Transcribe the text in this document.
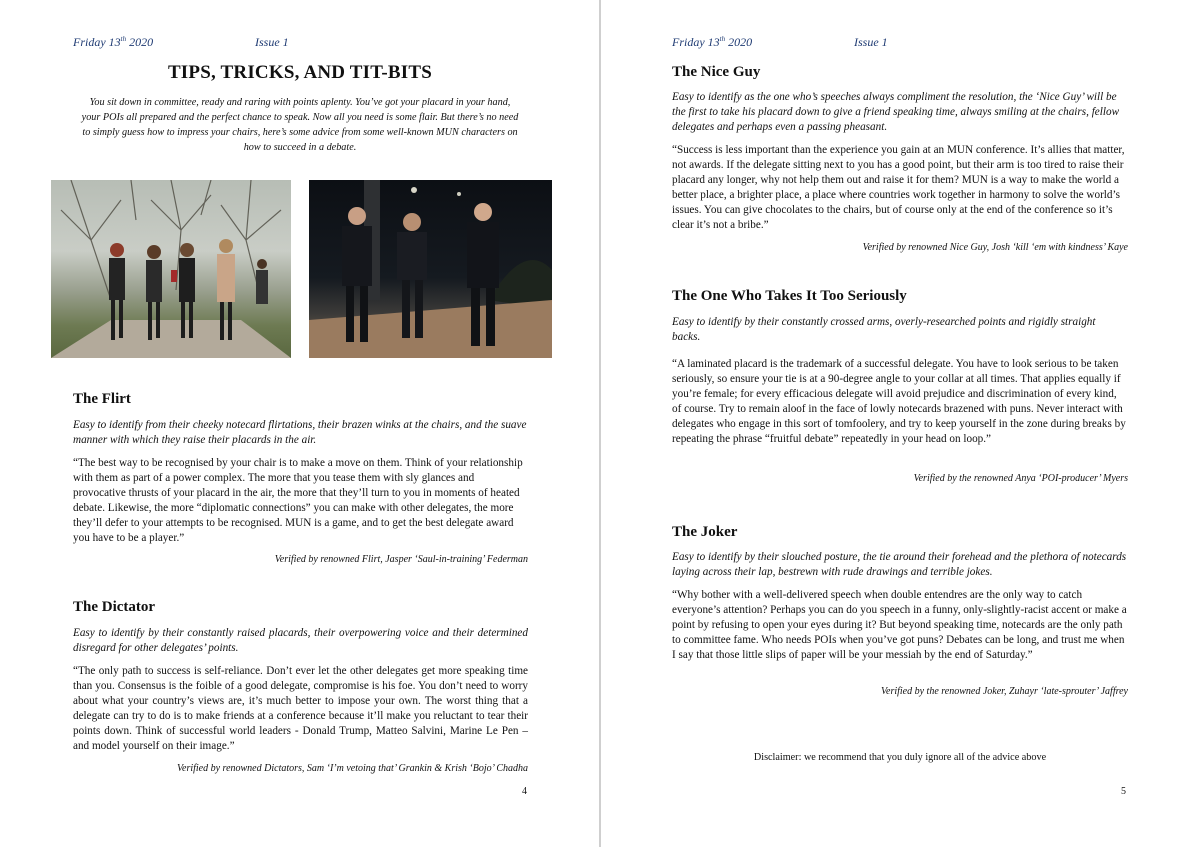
Friday 13th 2020	Issue 1
TIPS, TRICKS, AND TIT-BITS
You sit down in committee, ready and raring with points aplenty. You’ve got your placard in your hand, your POIs all prepared and the perfect chance to speak. Now all you need is some flair. But there’s no need to simply guess how to impress your chairs, here’s some advice from some well-known MUN characters on how to succeed in a debate.
The Flirt
Easy to identify from their cheeky notecard flirtations, their brazen winks at the chairs, and the suave manner with which they raise their placards in the air.
“The best way to be recognised by your chair is to make a move on them. Think of your relationship with them as part of a power complex. The more that you tease them with sly glances and provocative thrusts of your placard in the air, the more that they’ll turn to you in moments of heated debate. Likewise, the more “diplomatic connections” you can make with other delegates, the more they’ll defer to your attempts to be recognised. MUN is a game, and to get the best delegate award you have to be a player.”
Verified by renowned Flirt, Jasper ‘Saul-in-training’ Federman
The Dictator
Easy to identify by their constantly raised placards, their overpowering voice and their determined disregard for other delegates’ points.
“The only path to success is self-reliance. Don’t ever let the other delegates get more speaking time than you. Consensus is the foible of a good delegate, compromise is his foe. You don’t need to worry about what your country’s views are, it’s much better to impose your own. The worst thing that a delegate can try to do is to make friends at a conference because it’ll make you reluctant to tear their points down. Think of successful world leaders - Donald Trump, Matteo Salvini, Marine Le Pen – and model yourself on their image.”
Verified by renowned Dictators, Sam ‘I’m vetoing that’ Grankin & Krish ‘Bojo’ Chadha
4
Friday 13th 2020	Issue 1
The Nice Guy
Easy to identify as the one who’s speeches always compliment the resolution, the ‘Nice Guy’ will be the first to take his placard down to give a friend speaking time, always smiling at the chairs, fellow delegates and perhaps even a passing pheasant.
“Success is less important than the experience you gain at an MUN conference. It’s allies that matter, not awards. If the delegate sitting next to you has a good point, but their arm is too tired to raise their placard any longer, why not help them out and raise it for them? MUN is a way to make the world a better place, a brighter place, a place where countries work together in harmony to solve the world’s issues. You can give chocolates to the chairs, but of course only at the end of the conference so it’s clear it’s not a bribe.”
Verified by renowned Nice Guy, Josh ‘kill ‘em with kindness’ Kaye
The One Who Takes It Too Seriously
Easy to identify by their constantly crossed arms, overly-researched points and rigidly straight backs.
“A laminated placard is the trademark of a successful delegate. You have to look serious to be taken seriously, so ensure your tie is at a 90-degree angle to your collar at all times. That applies equally if you’re female; for every efficacious delegate will avoid prejudice and discrimination of every kind, of course. Try to remain aloof in the face of lowly notecards brazened with puns. Never interact with delegates who engage in this sort of tomfoolery, and try to keep yourself in the zone during breaks by repeating the phrase “fruitful debate” repeatedly in your head on loop.”
Verified by the renowned Anya ‘POI-producer’ Myers
The Joker
Easy to identify by their slouched posture, the tie around their forehead and the plethora of notecards laying across their lap, bestrewn with rude drawings and terrible jokes.
“Why bother with a well-delivered speech when double entendres are the only way to catch everyone’s attention? Perhaps you can do you speech in a funny, only-slightly-racist accent or make a point by refusing to open your eyes during it? But beyond speaking time, notecards are the only path to committee fame. Who needs POIs when you’ve got puns? Debates can be long, and trust me when I say that those little slips of paper will be your messiah by the end of Saturday.”
Verified by the renowned Joker, Zuhayr ‘late-sprouter’ Jaffrey
Disclaimer: we recommend that you duly ignore all of the advice above
5
